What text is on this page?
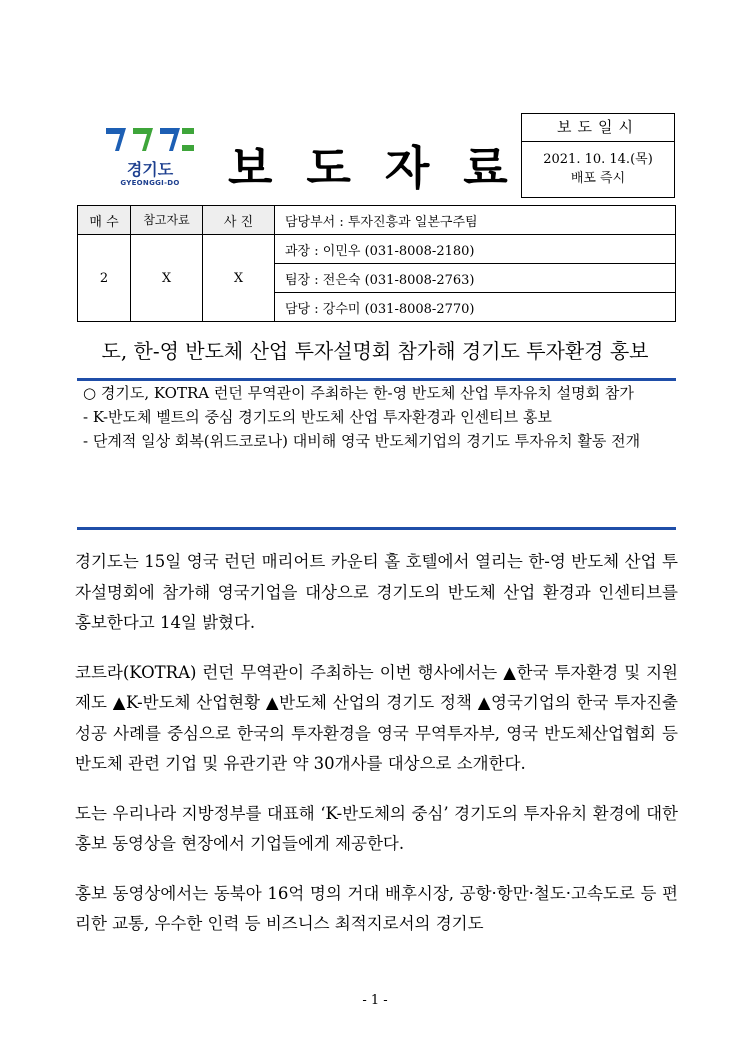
경기도
GYEONGGI-DO	보도자료
보도일시
2021. 10. 14.(목)
배포 즉시
매 수	참고자료	사 진	담당부서 : 투자진흥과 일본구주팀
2	X	X	과장 : 이민우 (031-8008-2180)
			팀장 : 전은숙 (031-8008-2763)
			담당 : 강수미 (031-8008-2770)
도, 한-영 반도체 산업 투자설명회 참가해 경기도 투자환경 홍보

○ 경기도, KOTRA 런던 무역관이 주최하는 한-영 반도체 산업 투자유치 설명회 참가

- K-반도체 벨트의 중심 경기도의 반도체 산업 투자환경과 인센티브 홍보

- 단계적 일상 회복(위드코로나) 대비해 영국 반도체기업의 경기도 투자유치 활동 전개

경기도는 15일 영국 런던 매리어트 카운티 홀 호텔에서 열리는 한-영 반도체 산업 투자설명회에 참가해 영국기업을 대상으로 경기도의 반도체 산업 환경과 인센티브를 홍보한다고 14일 밝혔다.

코트라(KOTRA) 런던 무역관이 주최하는 이번 행사에서는 ▲한국 투자환경 및 지원제도 ▲K-반도체 산업현황 ▲반도체 산업의 경기도 정책 ▲영국기업의 한국 투자진출 성공 사례를 중심으로 한국의 투자환경을 영국 무역투자부, 영국 반도체산업협회 등 반도체 관련 기업 및 유관기관 약 30개사를 대상으로 소개한다.

도는 우리나라 지방정부를 대표해 ‘K-반도체의 중심’ 경기도의 투자유치 환경에 대한 홍보 동영상을 현장에서 기업들에게 제공한다.

홍보 동영상에서는 동북아 16억 명의 거대 배후시장, 공항·항만·철도·고속도로 등 편리한 교통, 우수한 인력 등 비즈니스 최적지로서의 경기도

- 1 -
